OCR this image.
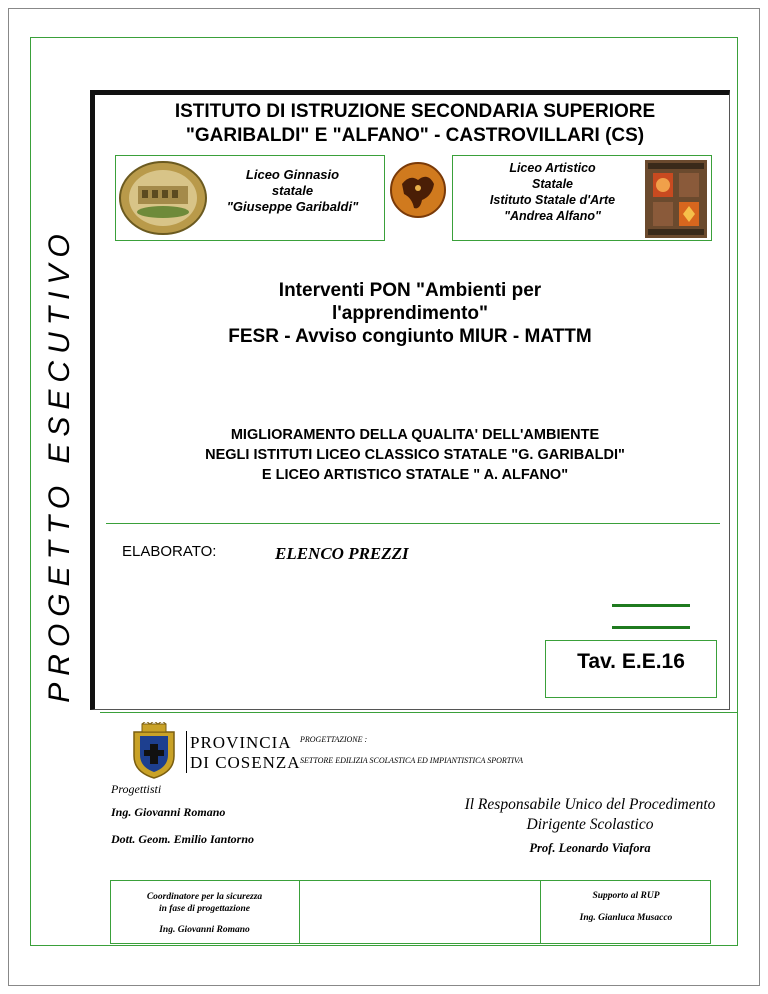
PROGETTO ESECUTIVO
ISTITUTO DI ISTRUZIONE SECONDARIA SUPERIORE
"GARIBALDI" E "ALFANO" - CASTROVILLARI (CS)
Liceo Ginnasio
statale
"Giuseppe Garibaldi"
Liceo Artistico
Statale
Istituto Statale d'Arte
"Andrea Alfano"
Interventi PON "Ambienti per
l'apprendimento"
FESR - Avviso congiunto MIUR - MATTM
MIGLIORAMENTO DELLA QUALITA' DELL'AMBIENTE
NEGLI ISTITUTI LICEO CLASSICO STATALE "G. GARIBALDI"
E LICEO ARTISTICO STATALE " A. ALFANO"
ELABORATO:	ELENCO PREZZI
Tav. E.E.16
PROVINCIA
DI COSENZA
PROGETTAZIONE :
SETTORE EDILIZIA SCOLASTICA ED IMPIANTISTICA SPORTIVA
Progettisti
Ing. Giovanni Romano
Dott. Geom. Emilio Iantorno
Il Responsabile Unico del Procedimento
Dirigente Scolastico
Prof. Leonardo Viafora
Coordinatore per la sicurezza
in fase di progettazione
Ing. Giovanni Romano
Supporto al RUP
Ing. Gianluca Musacco
